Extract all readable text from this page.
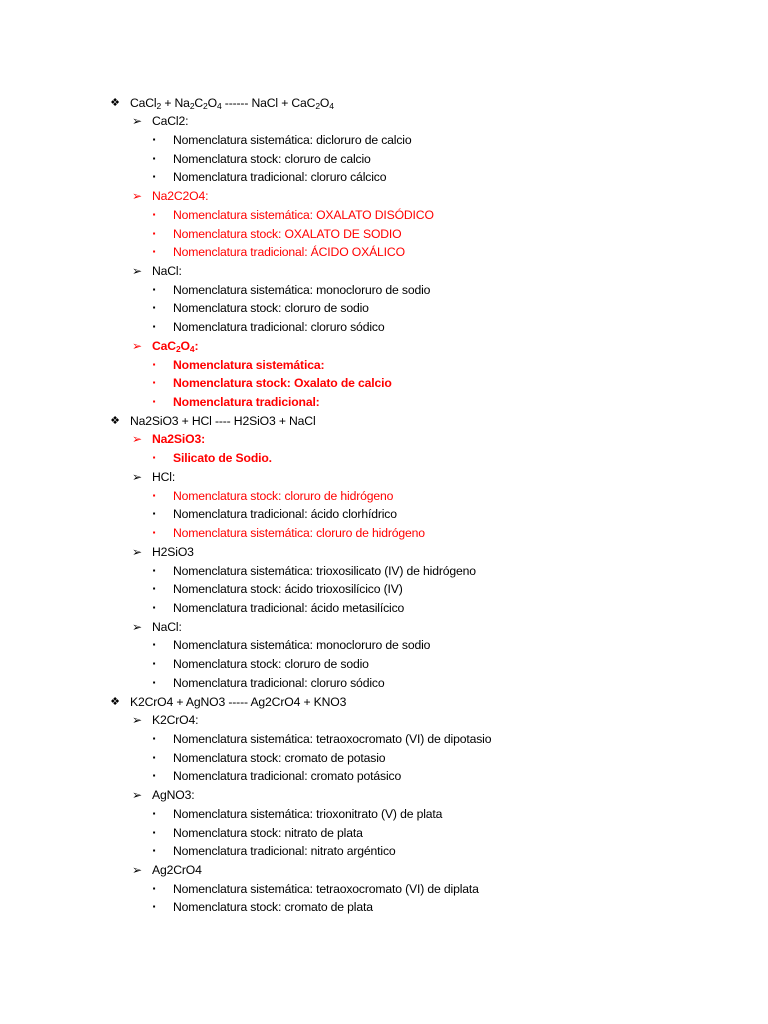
❖ CaCl$_2$ + $Na_2C_2O_4$ ------ NaCl + $CaC_2O_4$
➢ CaCl2:
▪ Nomenclatura sistemática: dicloruro de calcio
▪ Nomenclatura stock: cloruro de calcio
▪ Nomenclatura tradicional: cloruro cálcico
➢ Na2C2O4:
▪ Nomenclatura sistemática: OXALATO DISÓDICO
▪ Nomenclatura stock: OXALATO DE SODIO
▪ Nomenclatura tradicional: ÁCIDO OXÁLICO
➢ NaCl:
▪ Nomenclatura sistemática: monocloruro de sodio
▪ Nomenclatura stock: cloruro de sodio
▪ Nomenclatura tradicional: cloruro sódico
➢ $CaC_2O_4$:
▪ Nomenclatura sistemática:
▪ Nomenclatura stock: Oxalato de calcio
▪ Nomenclatura tradicional:
❖ Na2SiO3 + HCl ---- H2SiO3 + NaCl
➢ Na2SiO3:
▪ Silicato de Sodio.
➢ HCl:
▪ Nomenclatura stock: cloruro de hidrógeno
▪ Nomenclatura tradicional: ácido clorhídrico
▪ Nomenclatura sistemática: cloruro de hidrógeno
➢ H2SiO3
▪ Nomenclatura sistemática: trioxosilicato (IV) de hidrógeno
▪ Nomenclatura stock: ácido trioxosilícico (IV)
▪ Nomenclatura tradicional: ácido metasilícico
➢ NaCl:
▪ Nomenclatura sistemática: monocloruro de sodio
▪ Nomenclatura stock: cloruro de sodio
▪ Nomenclatura tradicional: cloruro sódico
❖ K2CrO4 + AgNO3 ----- Ag2CrO4 + KNO3
➢ K2CrO4:
▪ Nomenclatura sistemática: tetraoxocromato (VI) de dipotasio
▪ Nomenclatura stock: cromato de potasio
▪ Nomenclatura tradicional: cromato potásico
➢ AgNO3:
▪ Nomenclatura sistemática: trioxonitrato (V) de plata
▪ Nomenclatura stock: nitrato de plata
▪ Nomenclatura tradicional: nitrato argéntico
➢ Ag2CrO4
▪ Nomenclatura sistemática: tetraoxocromato (VI) de diplata
▪ Nomenclatura stock: cromato de plata
